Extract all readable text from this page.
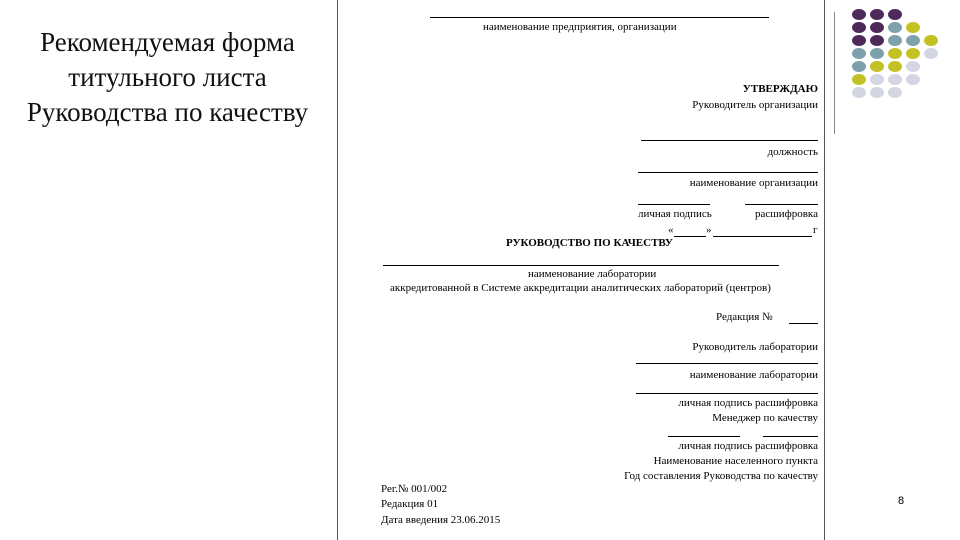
Рекомендуемая форма
титульного листа
Руководства по качеству
наименование предприятия, организации
УТВЕРЖДАЮ
Руководитель организации
должность
наименование организации
личная подпись	расшифровка
«	»	г
РУКОВОДСТВО ПО КАЧЕСТВУ
наименование лаборатории
аккредитованной в Системе аккредитации аналитических лабораторий (центров)
Редакция №
Руководитель лаборатории
наименование лаборатории
личная подпись расшифровка
Менеджер по качеству
личная подпись расшифровка
Наименование населенного пункта
Год составления Руководства по качеству
Рег.№ 001/002
Редакция 01
Дата введения 23.06.2015
8
